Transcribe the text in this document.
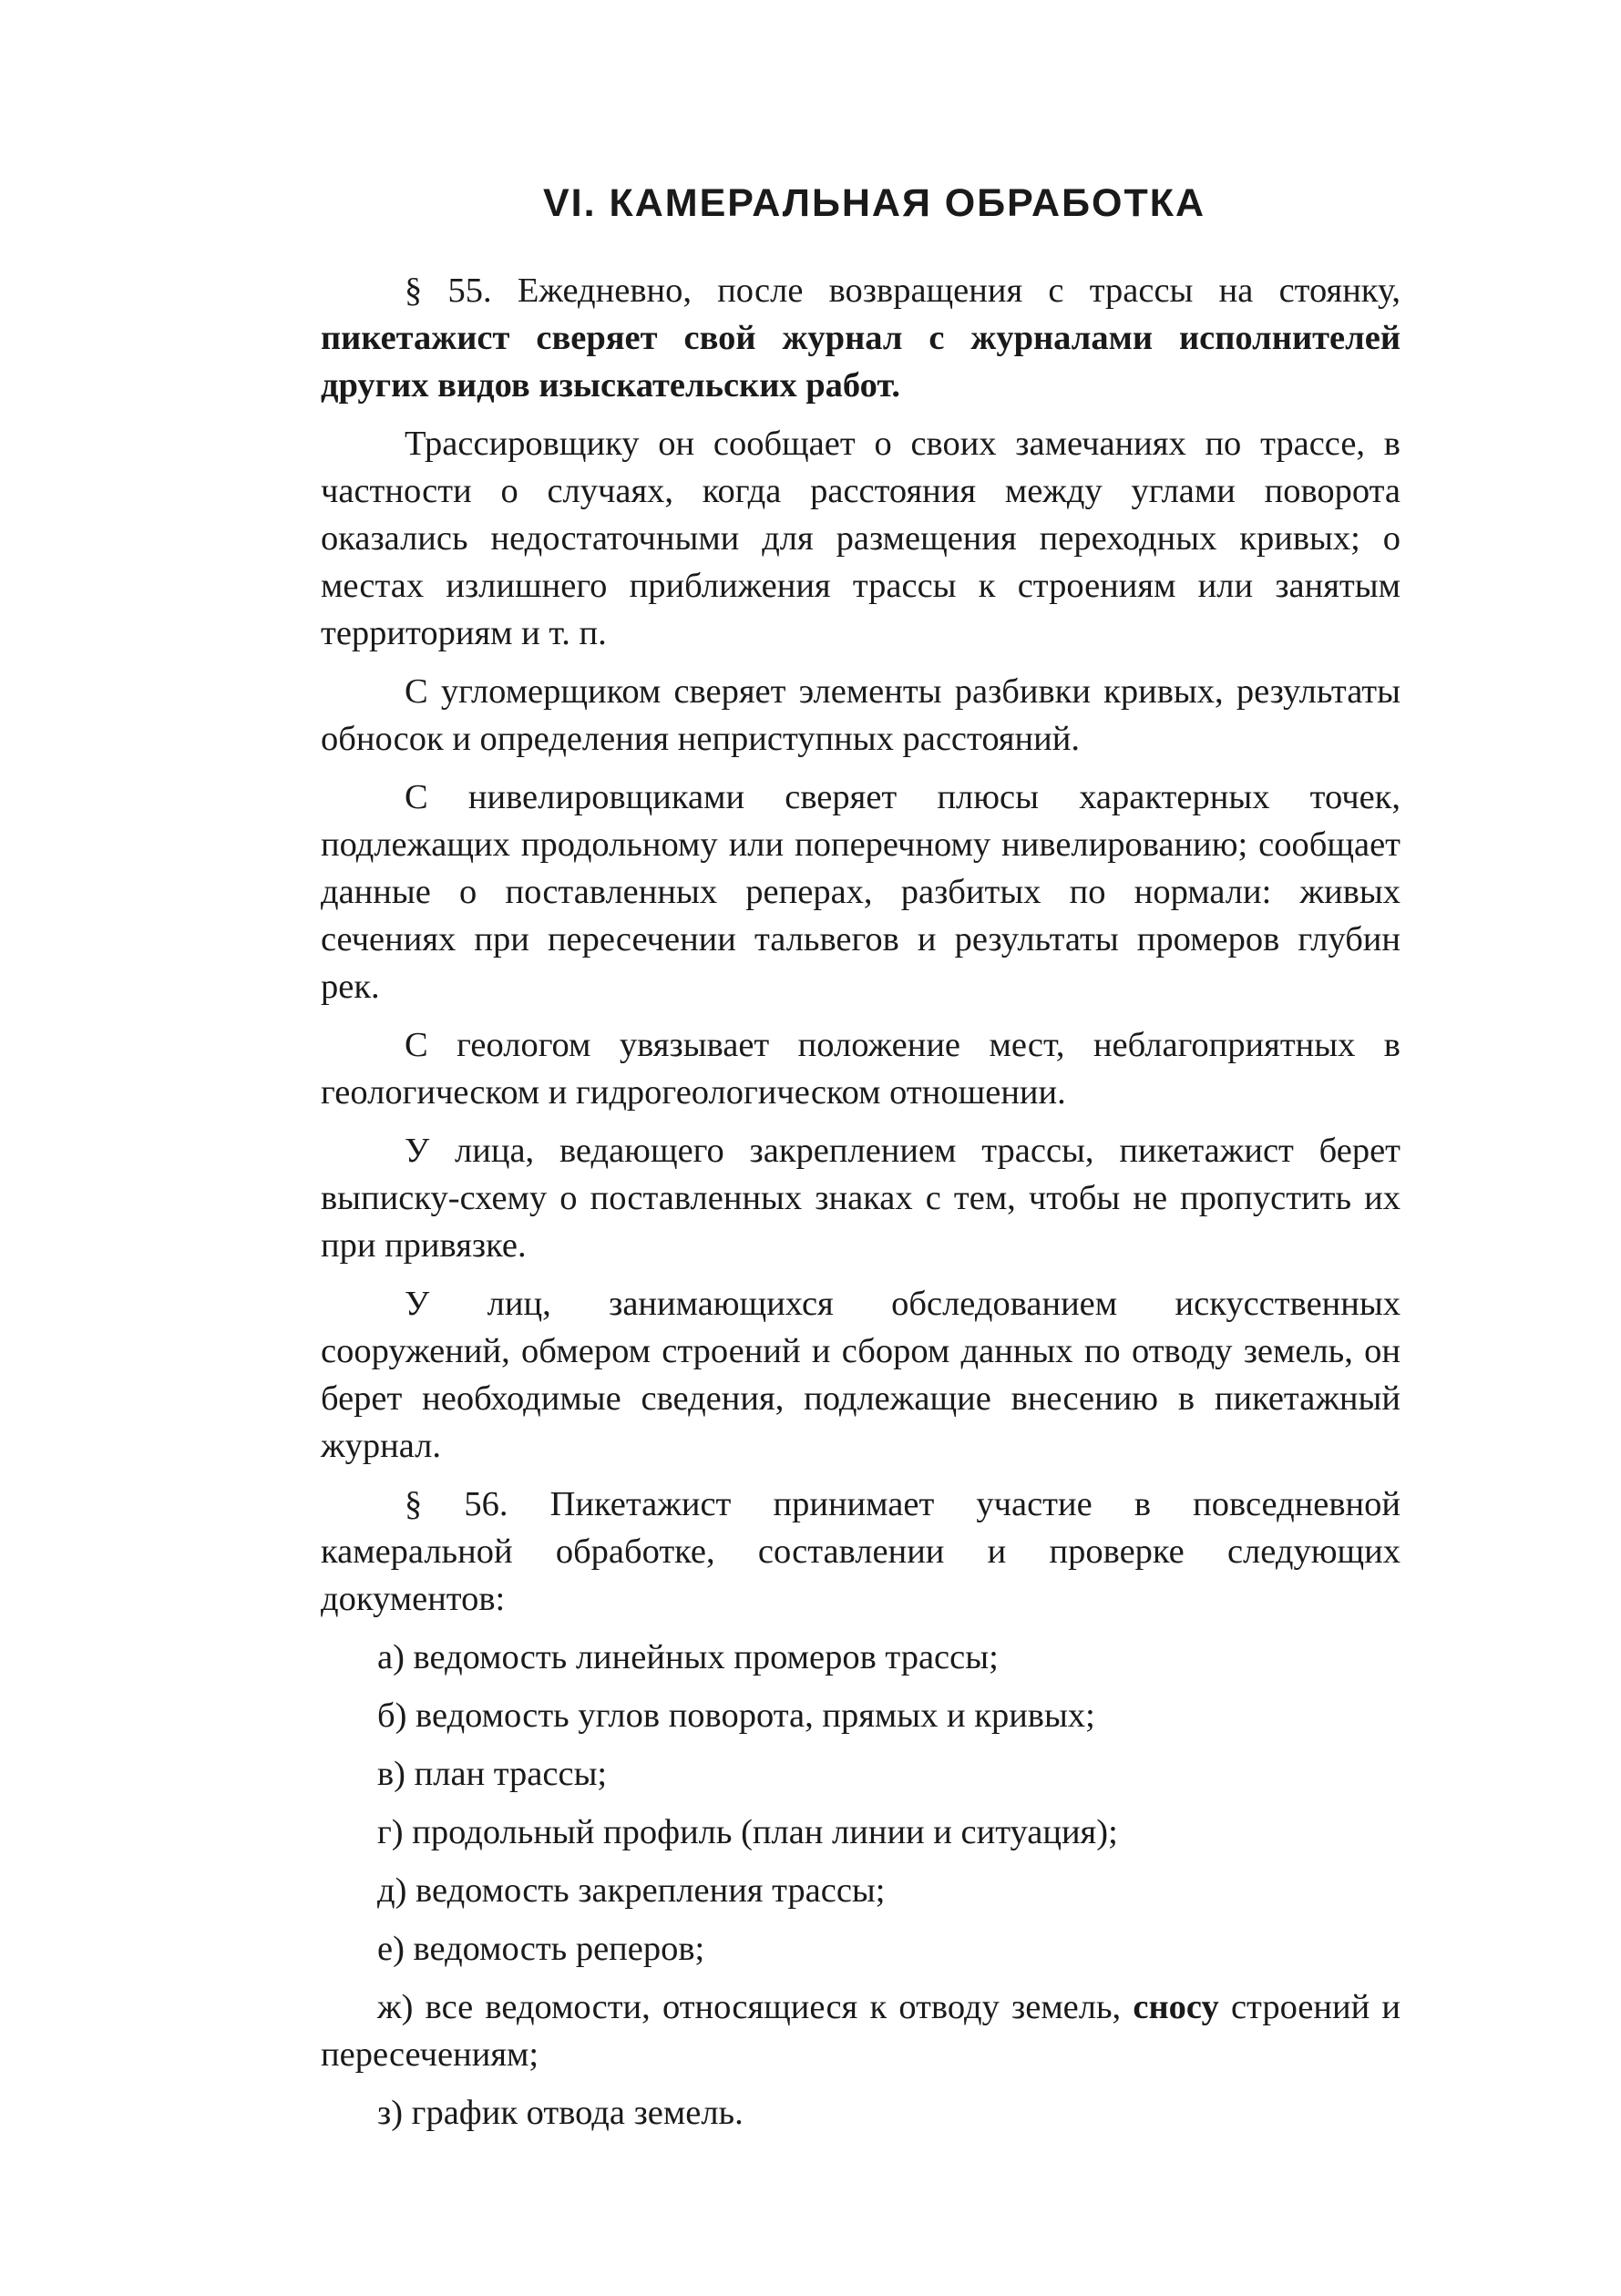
VI. КАМЕРАЛЬНАЯ ОБРАБОТКА

§ 55. Ежедневно, после возвращения с трассы на стоянку, пикетажист сверяет свой журнал с журналами исполнителей других видов изыскательских работ.

Трассировщику он сообщает о своих замечаниях по трассе, в частности о случаях, когда расстояния между углами поворота оказались недостаточными для размещения переходных кривых; о местах излишнего приближения трассы к строениям или занятым территориям и т. п.

С угломерщиком сверяет элементы разбивки кривых, результаты обносок и определения неприступных расстояний.

С нивелировщиками сверяет плюсы характерных точек, подлежащих продольному или поперечному нивелированию; сообщает данные о поставленных реперах, разбитых по нормали: живых сечениях при пересечении тальвегов и результаты промеров глубин рек.

С геологом увязывает положение мест, неблагоприятных в геологическом и гидрогеологическом отношении.

У лица, ведающего закреплением трассы, пикетажист берет выписку-схему о поставленных знаках с тем, чтобы не пропустить их при привязке.

У лиц, занимающихся обследованием искусственных сооружений, обмером строений и сбором данных по отводу земель, он берет необходимые сведения, подлежащие внесению в пикетажный журнал.

§ 56. Пикетажист принимает участие в повседневной камеральной обработке, составлении и проверке следующих документов:

а) ведомость линейных промеров трассы;
б) ведомость углов поворота, прямых и кривых;
в) план трассы;
г) продольный профиль (план линии и ситуация);
д) ведомость закрепления трассы;
е) ведомость реперов;
ж) все ведомости, относящиеся к отводу земель, сносу строений и пересечениям;
з) график отвода земель.
